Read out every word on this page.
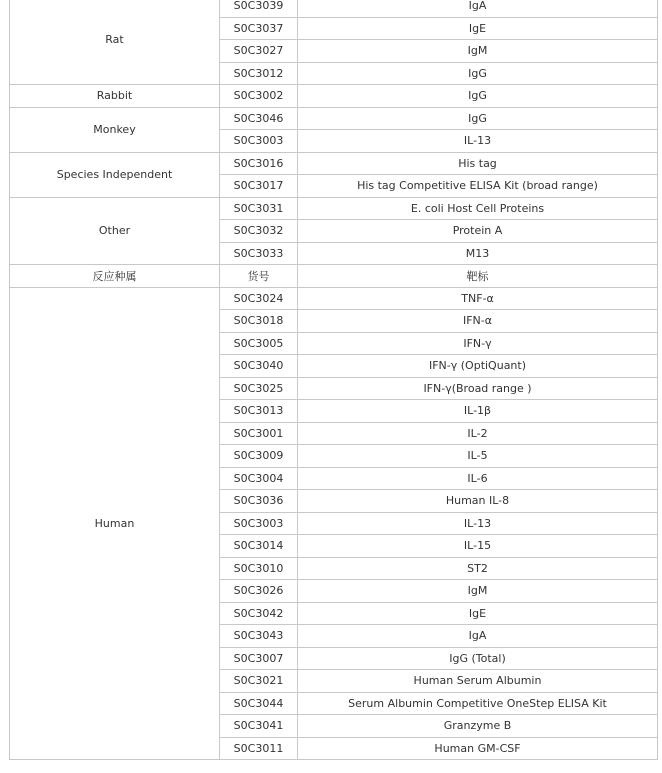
Rat	S0C3039	IgA
	S0C3037	IgE
	S0C3027	IgM
	S0C3012	IgG
Rabbit	S0C3002	IgG
Monkey	S0C3046	IgG
	S0C3003	IL-13
Species Independent	S0C3016	His tag
	S0C3017	His tag Competitive ELISA Kit (broad range)
Other	S0C3031	E. coli Host Cell Proteins
	S0C3032	Protein A
	S0C3033	M13
反应种属	货号	靶标
Human	S0C3024	TNF-α
	S0C3018	IFN-α
	S0C3005	IFN-γ
	S0C3040	IFN-γ (OptiQuant)
	S0C3025	IFN-γ(Broad range )
	S0C3013	IL-1β
	S0C3001	IL-2
	S0C3009	IL-5
	S0C3004	IL-6
	S0C3036	Human IL-8
	S0C3003	IL-13
	S0C3014	IL-15
	S0C3010	ST2
	S0C3026	IgM
	S0C3042	IgE
	S0C3043	IgA
	S0C3007	IgG (Total)
	S0C3021	Human Serum Albumin
	S0C3044	Serum Albumin Competitive OneStep ELISA Kit
	S0C3041	Granzyme B
	S0C3011	Human GM-CSF
